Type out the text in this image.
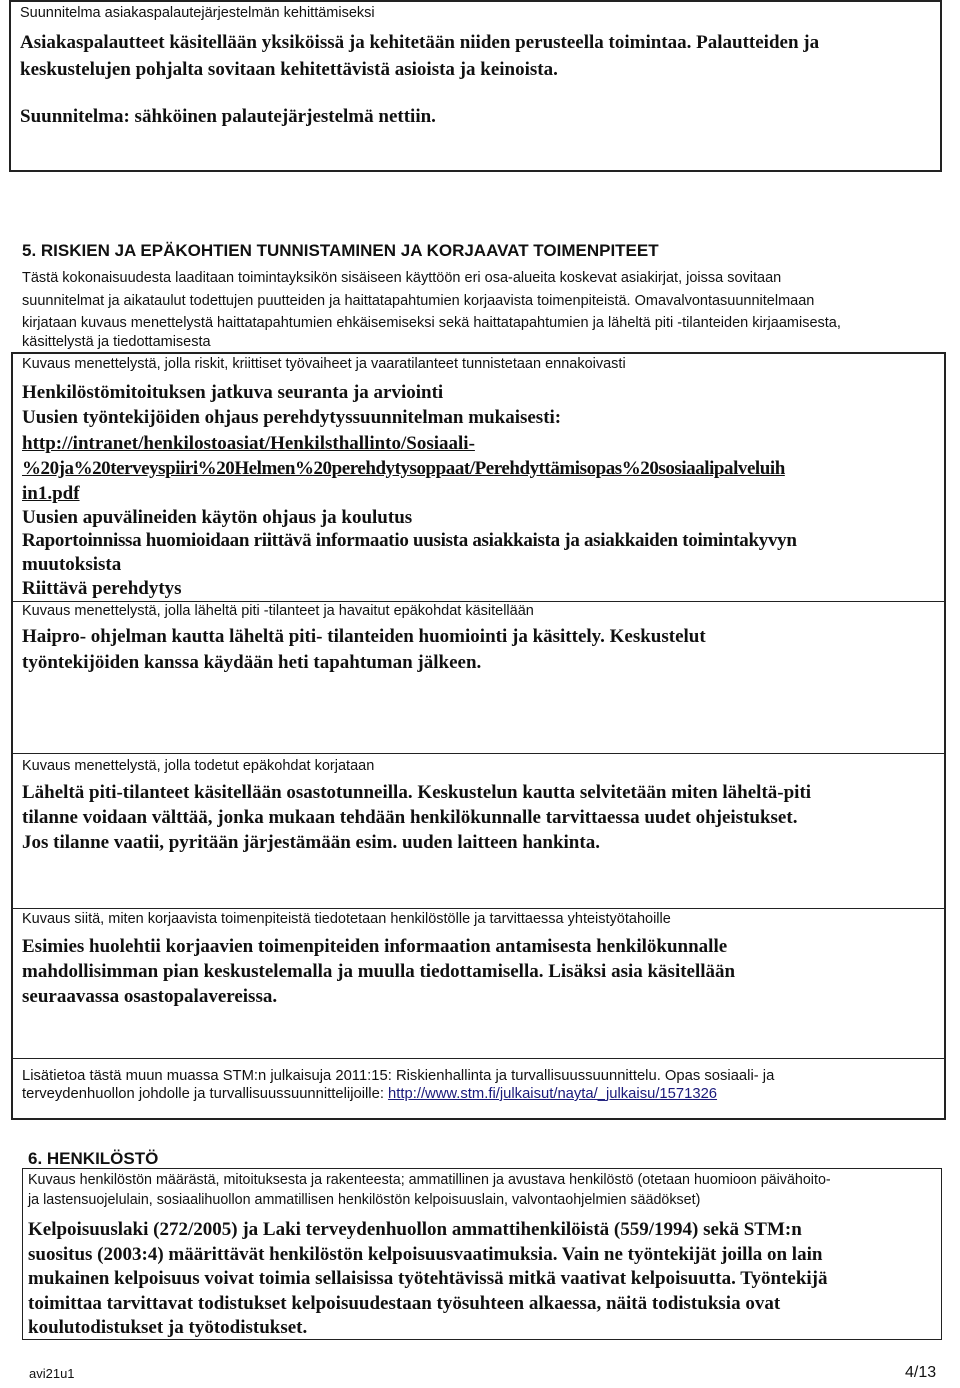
Suunnitelma asiakaspalautejärjestelmän kehittämiseksi
Asiakaspalautteet käsitellään yksiköissä ja kehitetään niiden perusteella toimintaa. Palautteiden ja
keskustelujen pohjalta sovitaan kehitettävistä asioista ja keinoista.
Suunnitelma: sähköinen palautejärjestelmä nettiin.
5. RISKIEN JA EPÄKOHTIEN TUNNISTAMINEN JA KORJAAVAT TOIMENPITEET
Tästä kokonaisuudesta laaditaan toimintayksikön sisäiseen käyttöön eri osa-alueita koskevat asiakirjat, joissa sovitaan
suunnitelmat ja aikataulut todettujen puutteiden ja haittatapahtumien korjaavista toimenpiteistä. Omavalvontasuunnitelmaan
kirjataan kuvaus menettelystä haittatapahtumien ehkäisemiseksi sekä haittatapahtumien ja läheltä piti -tilanteiden kirjaamisesta,
käsittelystä ja tiedottamisesta
Kuvaus menettelystä, jolla riskit, kriittiset työvaiheet ja vaaratilanteet tunnistetaan ennakoivasti
Henkilöstömitoituksen jatkuva seuranta ja arviointi
Uusien työntekijöiden ohjaus perehdytyssuunnitelman mukaisesti:
http://intranet/henkilostoasiat/Henkilsthallinto/Sosiaali-
%20ja%20terveyspiiri%20Helmen%20perehdytysoppaat/Perehdyttämisopas%20sosiaalipalveluih
in1.pdf
Uusien apuvälineiden käytön ohjaus ja koulutus
Raportoinnissa huomioidaan riittävä informaatio uusista asiakkaista ja asiakkaiden toimintakyvyn
muutoksista
Riittävä perehdytys
Kuvaus menettelystä, jolla läheltä piti -tilanteet ja havaitut epäkohdat käsitellään
Haipro- ohjelman kautta läheltä piti- tilanteiden huomiointi ja käsittely. Keskustelut
työntekijöiden kanssa käydään heti tapahtuman jälkeen.
Kuvaus menettelystä, jolla todetut epäkohdat korjataan
Läheltä piti-tilanteet käsitellään osastotunneilla. Keskustelun kautta selvitetään miten läheltä-piti
tilanne voidaan välttää, jonka mukaan tehdään henkilökunnalle tarvittaessa uudet ohjeistukset.
Jos tilanne vaatii, pyritään järjestämään esim. uuden laitteen hankinta.
Kuvaus siitä, miten korjaavista toimenpiteistä tiedotetaan henkilöstölle ja tarvittaessa yhteistyötahoille
Esimies huolehtii korjaavien toimenpiteiden informaation antamisesta henkilökunnalle
mahdollisimman pian keskustelemalla ja muulla tiedottamisella. Lisäksi asia käsitellään
seuraavassa osastopalavereissa.
Lisätietoa tästä muun muassa STM:n julkaisuja 2011:15: Riskienhallinta ja turvallisuussuunnittelu. Opas sosiaali- ja
terveydenhuollon johdolle ja turvallisuussuunnittelijoille: http://www.stm.fi/julkaisut/nayta/_julkaisu/1571326
6. HENKILÖSTÖ
Kuvaus henkilöstön määrästä, mitoituksesta ja rakenteesta; ammatillinen ja avustava henkilöstö (otetaan huomioon päivähoito-
ja lastensuojelulain, sosiaalihuollon ammatillisen henkilöstön kelpoisuuslain, valvontaohjelmien säädökset)
Kelpoisuuslaki (272/2005) ja Laki terveydenhuollon ammattihenkilöistä (559/1994) sekä STM:n
suositus (2003:4) määrittävät henkilöstön kelpoisuusvaatimuksia. Vain ne työntekijät joilla on lain
mukainen kelpoisuus voivat toimia sellaisissa työtehtävissä mitkä vaativat kelpoisuutta. Työntekijä
toimittaa tarvittavat todistukset kelpoisuudestaan työsuhteen alkaessa, näitä todistuksia ovat
koulutodistukset ja työtodistukset.
avi21u1	4/13
